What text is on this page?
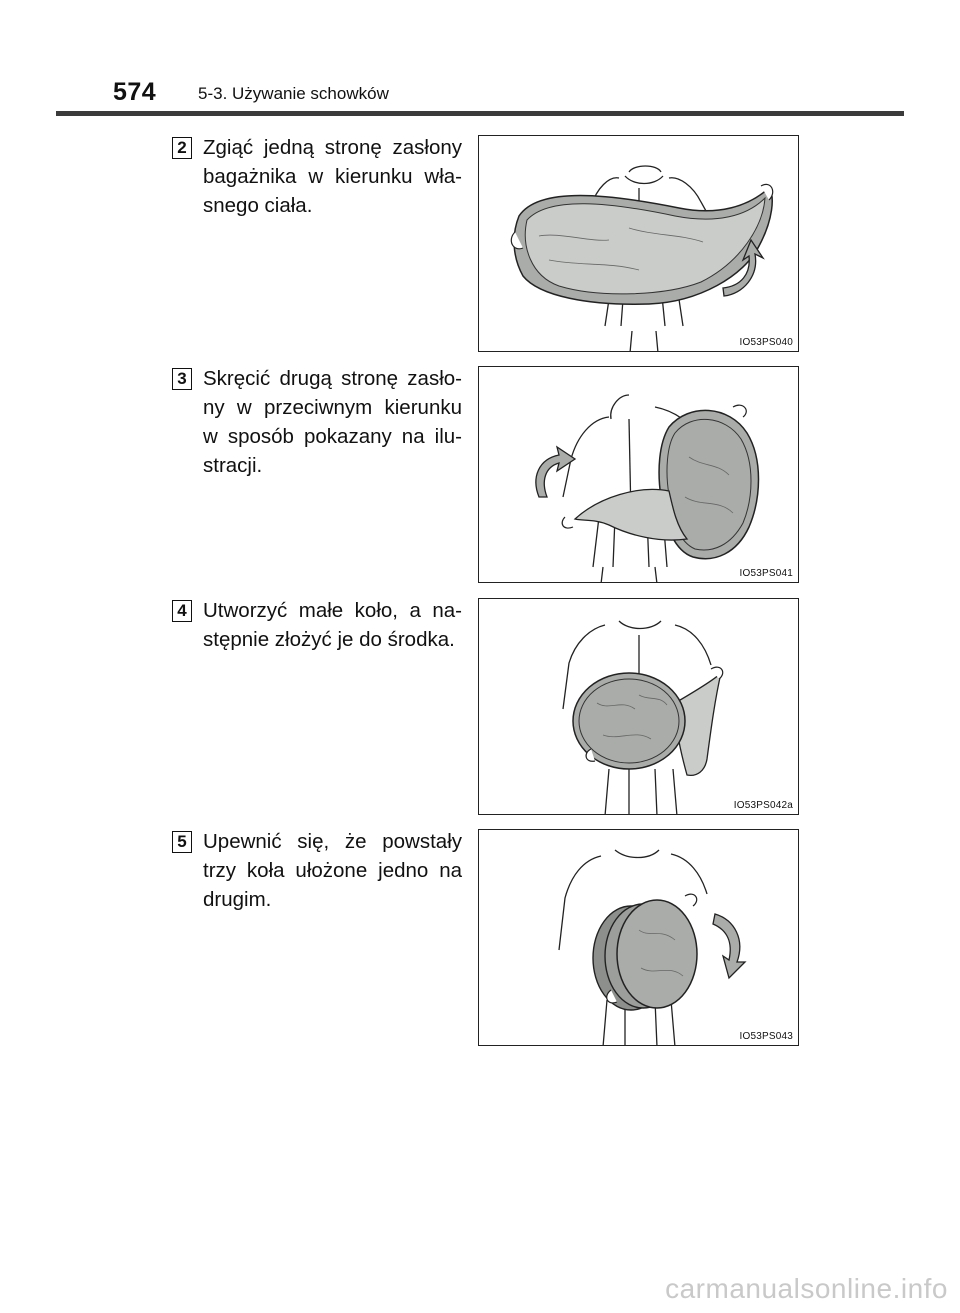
574 5-3. Używanie schowków
2 Zgiąć jedną stronę zasłony bagażnika w kierunku wła-​snego ciała.
IO53PS040
3 Skręcić drugą stronę zasło-​ny w przeciwnym kierunku w sposób pokazany na ilu-​stracji.
IO53PS041
4 Utworzyć małe koło, a na-​stępnie złożyć je do środka.
IO53PS042a
5 Upewnić się, że powstały trzy koła ułożone jedno na drugim.
IO53PS043
carmanualsonline.info
